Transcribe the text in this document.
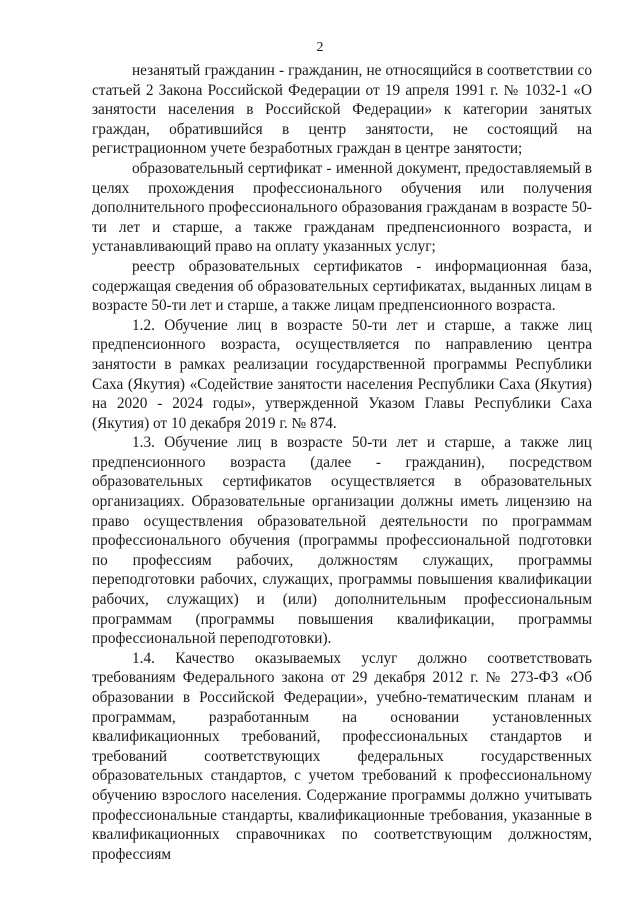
2

незанятый гражданин - гражданин, не относящийся в соответствии со статьей 2 Закона Российской Федерации от 19 апреля 1991 г. № 1032-1 «О занятости населения в Российской Федерации» к категории занятых граждан, обратившийся в центр занятости, не состоящий на регистрационном учете безработных граждан в центре занятости;

образовательный сертификат - именной документ, предоставляемый в целях прохождения профессионального обучения или получения дополнительного профессионального образования гражданам в возрасте 50-ти лет и старше, а также гражданам предпенсионного возраста, и устанавливающий право на оплату указанных услуг;

реестр образовательных сертификатов - информационная база, содержащая сведения об образовательных сертификатах, выданных лицам в возрасте 50-ти лет и старше, а также лицам предпенсионного возраста.

1.2. Обучение лиц в возрасте 50-ти лет и старше, а также лиц предпенсионного возраста, осуществляется по направлению центра занятости в рамках реализации государственной программы Республики Саха (Якутия) «Содействие занятости населения Республики Саха (Якутия) на 2020 - 2024 годы», утвержденной Указом Главы Республики Саха (Якутия) от 10 декабря 2019 г. № 874.

1.3. Обучение лиц в возрасте 50-ти лет и старше, а также лиц предпенсионного возраста (далее - гражданин), посредством образовательных сертификатов осуществляется в образовательных организациях. Образовательные организации должны иметь лицензию на право осуществления образовательной деятельности по программам профессионального обучения (программы профессиональной подготовки по профессиям рабочих, должностям служащих, программы переподготовки рабочих, служащих, программы повышения квалификации рабочих, служащих) и (или) дополнительным профессиональным программам (программы повышения квалификации, программы профессиональной переподготовки).

1.4. Качество оказываемых услуг должно соответствовать требованиям Федерального закона от 29 декабря 2012 г. № 273-ФЗ «Об образовании в Российской Федерации», учебно-тематическим планам и программам, разработанным на основании установленных квалификационных требований, профессиональных стандартов и требований соответствующих федеральных государственных образовательных стандартов, с учетом требований к профессиональному обучению взрослого населения. Содержание программы должно учитывать профессиональные стандарты, квалификационные требования, указанные в квалификационных справочниках по соответствующим должностям, профессиям
